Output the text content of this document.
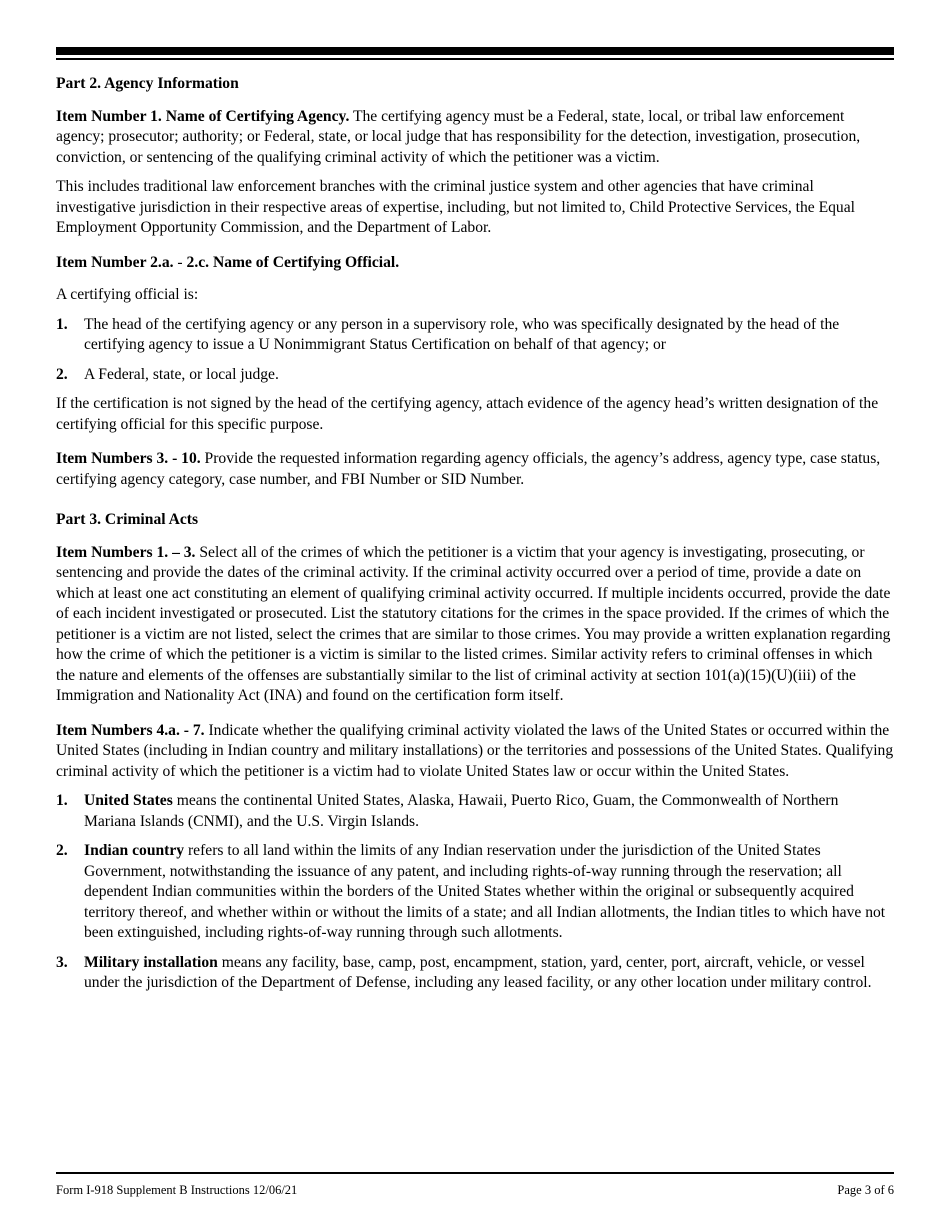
Part 2. Agency Information

Item Number 1. Name of Certifying Agency. The certifying agency must be a Federal, state, local, or tribal law enforcement agency; prosecutor; authority; or Federal, state, or local judge that has responsibility for the detection, investigation, prosecution, conviction, or sentencing of the qualifying criminal activity of which the petitioner was a victim.

This includes traditional law enforcement branches with the criminal justice system and other agencies that have criminal investigative jurisdiction in their respective areas of expertise, including, but not limited to, Child Protective Services, the Equal Employment Opportunity Commission, and the Department of Labor.

Item Number 2.a. - 2.c. Name of Certifying Official.

A certifying official is:

1. The head of the certifying agency or any person in a supervisory role, who was specifically designated by the head of the certifying agency to issue a U Nonimmigrant Status Certification on behalf of that agency; or
2. A Federal, state, or local judge.

If the certification is not signed by the head of the certifying agency, attach evidence of the agency head’s written designation of the certifying official for this specific purpose.

Item Numbers 3. - 10. Provide the requested information regarding agency officials, the agency’s address, agency type, case status, certifying agency category, case number, and FBI Number or SID Number.

Part 3. Criminal Acts

Item Numbers 1. – 3. Select all of the crimes of which the petitioner is a victim that your agency is investigating, prosecuting, or sentencing and provide the dates of the criminal activity. If the criminal activity occurred over a period of time, provide a date on which at least one act constituting an element of qualifying criminal activity occurred. If multiple incidents occurred, provide the date of each incident investigated or prosecuted. List the statutory citations for the crimes in the space provided. If the crimes of which the petitioner is a victim are not listed, select the crimes that are similar to those crimes. You may provide a written explanation regarding how the crime of which the petitioner is a victim is similar to the listed crimes. Similar activity refers to criminal offenses in which the nature and elements of the offenses are substantially similar to the list of criminal activity at section 101(a)(15)(U)(iii) of the Immigration and Nationality Act (INA) and found on the certification form itself.

Item Numbers 4.a. - 7. Indicate whether the qualifying criminal activity violated the laws of the United States or occurred within the United States (including in Indian country and military installations) or the territories and possessions of the United States. Qualifying criminal activity of which the petitioner is a victim had to violate United States law or occur within the United States.

1. United States means the continental United States, Alaska, Hawaii, Puerto Rico, Guam, the Commonwealth of Northern Mariana Islands (CNMI), and the U.S. Virgin Islands.
2. Indian country refers to all land within the limits of any Indian reservation under the jurisdiction of the United States Government, notwithstanding the issuance of any patent, and including rights-of-way running through the reservation; all dependent Indian communities within the borders of the United States whether within the original or subsequently acquired territory thereof, and whether within or without the limits of a state; and all Indian allotments, the Indian titles to which have not been extinguished, including rights-of-way running through such allotments.
3. Military installation means any facility, base, camp, post, encampment, station, yard, center, port, aircraft, vehicle, or vessel under the jurisdiction of the Department of Defense, including any leased facility, or any other location under military control.
Form I-918 Supplement B Instructions 12/06/21	Page 3 of 6
